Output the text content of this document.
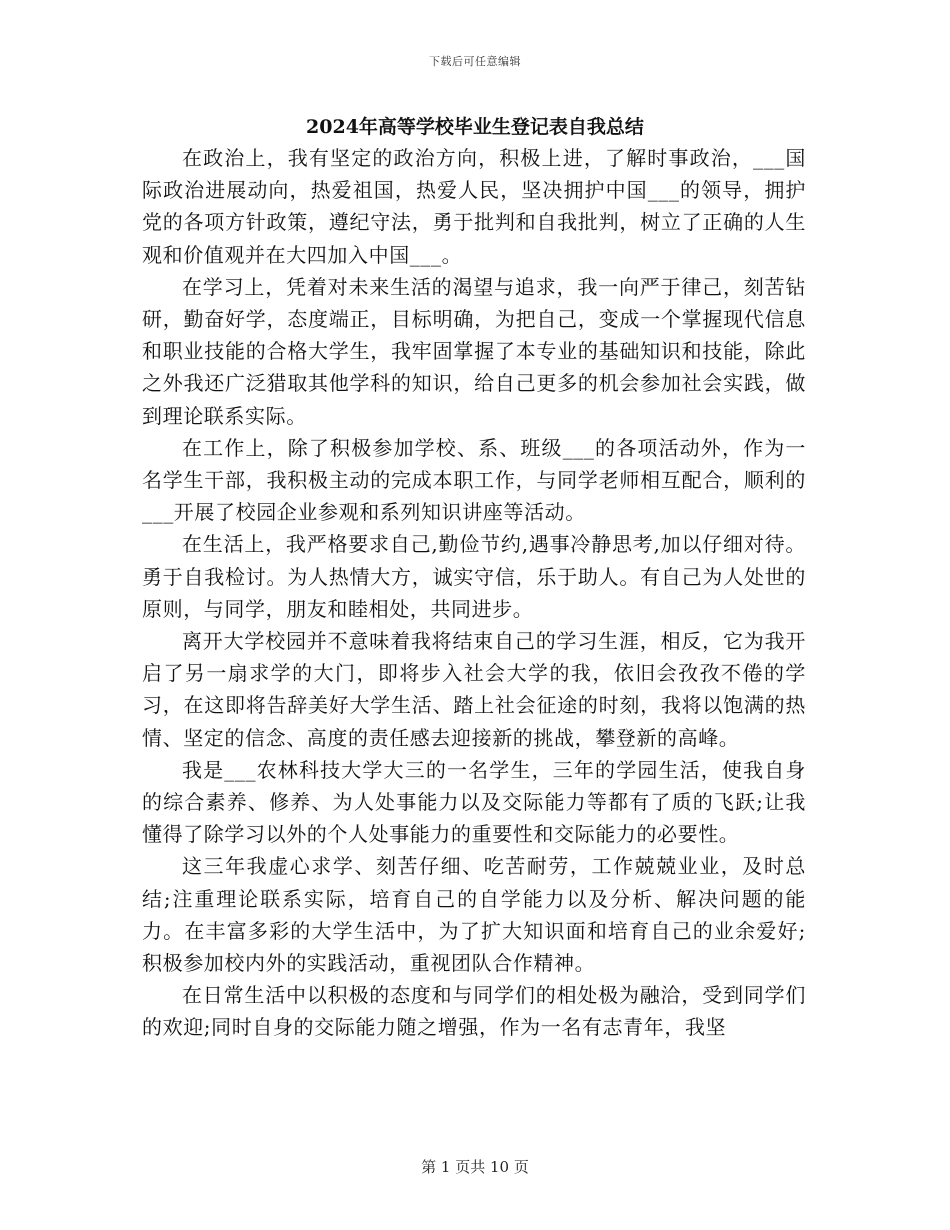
下载后可任意编辑
2024年高等学校毕业生登记表自我总结

在政治上，我有坚定的政治方向，积极上进，了解时事政治，___国际政治进展动向，热爱祖国，热爱人民，坚决拥护中国___的领导，拥护党的各项方针政策，遵纪守法，勇于批判和自我批判，树立了正确的人生观和价值观并在大四加入中国___。

在学习上，凭着对未来生活的渴望与追求，我一向严于律己，刻苦钻研，勤奋好学，态度端正，目标明确，为把自己，变成一个掌握现代信息和职业技能的合格大学生，我牢固掌握了本专业的基础知识和技能，除此之外我还广泛猎取其他学科的知识，给自己更多的机会参加社会实践，做到理论联系实际。

在工作上，除了积极参加学校、系、班级___的各项活动外，作为一名学生干部，我积极主动的完成本职工作，与同学老师相互配合，顺利的___开展了校园企业参观和系列知识讲座等活动。

在生活上，我严格要求自己,勤俭节约,遇事冷静思考,加以仔细对待。勇于自我检讨。为人热情大方，诚实守信，乐于助人。有自己为人处世的原则，与同学，朋友和睦相处，共同进步。

离开大学校园并不意味着我将结束自己的学习生涯，相反，它为我开启了另一扇求学的大门，即将步入社会大学的我，依旧会孜孜不倦的学习，在这即将告辞美好大学生活、踏上社会征途的时刻，我将以饱满的热情、坚定的信念、高度的责任感去迎接新的挑战，攀登新的高峰。

我是___农林科技大学大三的一名学生，三年的学园生活，使我自身的综合素养、修养、为人处事能力以及交际能力等都有了质的飞跃;让我懂得了除学习以外的个人处事能力的重要性和交际能力的必要性。

这三年我虚心求学、刻苦仔细、吃苦耐劳，工作兢兢业业，及时总结;注重理论联系实际，培育自己的自学能力以及分析、解决问题的能力。在丰富多彩的大学生活中，为了扩大知识面和培育自己的业余爱好;积极参加校内外的实践活动，重视团队合作精神。

在日常生活中以积极的态度和与同学们的相处极为融洽，受到同学们的欢迎;同时自身的交际能力随之增强，作为一名有志青年，我坚

第 1 页共 10 页
